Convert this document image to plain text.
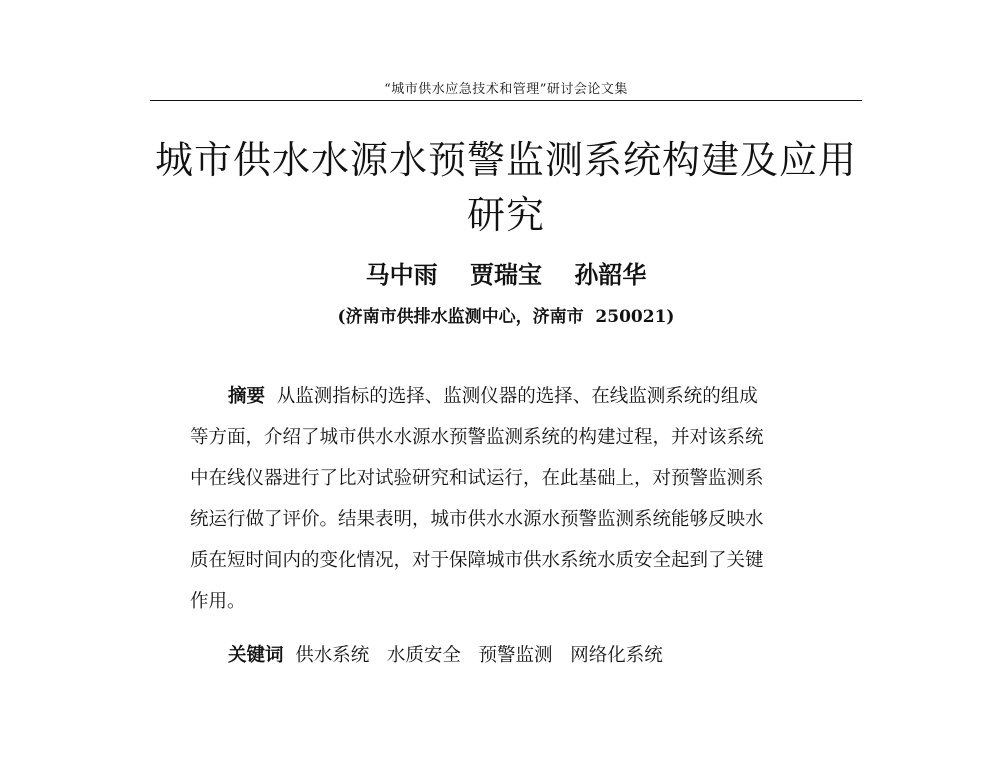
“城市供水应急技术和管理”研讨会论文集
城市供水水源水预警监测系统构建及应用
研究
马中雨 贾瑞宝 孙韶华
(济南市供排水监测中心，济南市  250021)
摘要  从监测指标的选择、监测仪器的选择、在线监测系统的组成
等方面，介绍了城市供水水源水预警监测系统的构建过程，并对该系统
中在线仪器进行了比对试验研究和试运行，在此基础上，对预警监测系
统运行做了评价。结果表明，城市供水水源水预警监测系统能够反映水
质在短时间内的变化情况，对于保障城市供水系统水质安全起到了关键
作用。
关键词  供水系统   水质安全   预警监测   网络化系统
